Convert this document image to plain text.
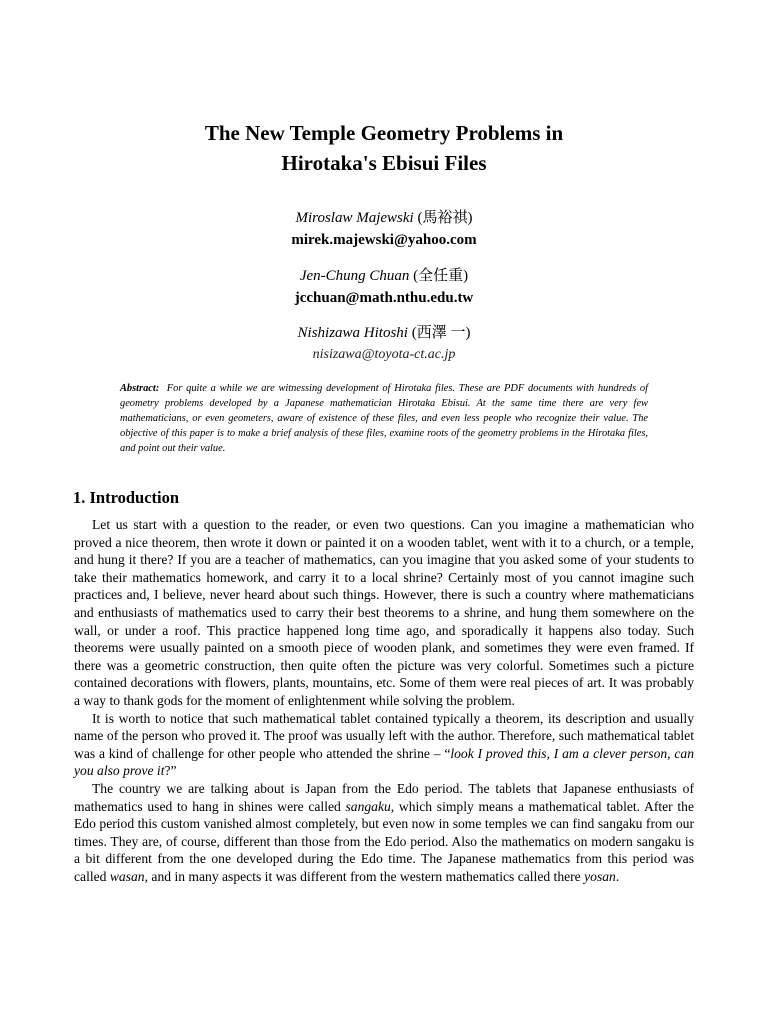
The New Temple Geometry Problems in
Hirotaka's Ebisui Files
Miroslaw Majewski (馬裕祺)
mirek.majewski@yahoo.com
Jen-Chung Chuan (全任重)
jcchuan@math.nthu.edu.tw
Nishizawa Hitoshi (西澤 一)
nisizawa@toyota-ct.ac.jp
Abstract: For quite a while we are witnessing development of Hirotaka files. These are PDF documents with hundreds of geometry problems developed by a Japanese mathematician Hirotaka Ebisui. At the same time there are very few mathematicians, or even geometers, aware of existence of these files, and even less people who recognize their value. The objective of this paper is to make a brief analysis of these files, examine roots of the geometry problems in the Hirotaka files, and point out their value.
1. Introduction

Let us start with a question to the reader, or even two questions. Can you imagine a mathematician who proved a nice theorem, then wrote it down or painted it on a wooden tablet, went with it to a church, or a temple, and hung it there? If you are a teacher of mathematics, can you imagine that you asked some of your students to take their mathematics homework, and carry it to a local shrine? Certainly most of you cannot imagine such practices and, I believe, never heard about such things. However, there is such a country where mathematicians and enthusiasts of mathematics used to carry their best theorems to a shrine, and hung them somewhere on the wall, or under a roof. This practice happened long time ago, and sporadically it happens also today. Such theorems were usually painted on a smooth piece of wooden plank, and sometimes they were even framed. If there was a geometric construction, then quite often the picture was very colorful. Sometimes such a picture contained decorations with flowers, plants, mountains, etc. Some of them were real pieces of art. It was probably a way to thank gods for the moment of enlightenment while solving the problem.

It is worth to notice that such mathematical tablet contained typically a theorem, its description and usually name of the person who proved it. The proof was usually left with the author. Therefore, such mathematical tablet was a kind of challenge for other people who attended the shrine – “look I proved this, I am a clever person, can you also prove it?”

The country we are talking about is Japan from the Edo period. The tablets that Japanese enthusiasts of mathematics used to hang in shines were called sangaku, which simply means a mathematical tablet. After the Edo period this custom vanished almost completely, but even now in some temples we can find sangaku from our times. They are, of course, different than those from the Edo period. Also the mathematics on modern sangaku is a bit different from the one developed during the Edo time. The Japanese mathematics from this period was called wasan, and in many aspects it was different from the western mathematics called there yosan.
